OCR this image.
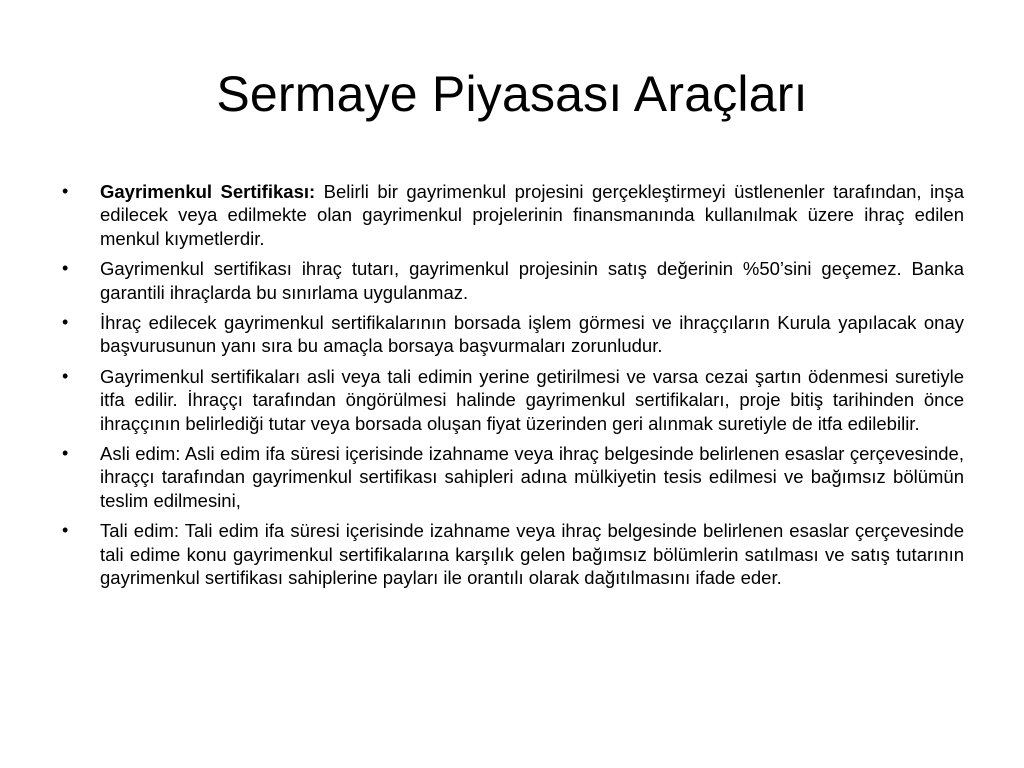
Sermaye Piyasası Araçları
•	Gayrimenkul Sertifikası: Belirli bir gayrimenkul projesini gerçekleştirmeyi üstlenenler tarafından, inşa edilecek veya edilmekte olan gayrimenkul projelerinin finansmanında kullanılmak üzere ihraç edilen menkul kıymetlerdir.
•	Gayrimenkul sertifikası ihraç tutarı, gayrimenkul projesinin satış değerinin %50’sini geçemez. Banka garantili ihraçlarda bu sınırlama uygulanmaz.
•	İhraç edilecek gayrimenkul sertifikalarının borsada işlem görmesi ve ihraççıların Kurula yapılacak onay başvurusunun yanı sıra bu amaçla borsaya başvurmaları zorunludur.
•	Gayrimenkul sertifikaları asli veya tali edimin yerine getirilmesi ve varsa cezai şartın ödenmesi suretiyle itfa edilir. İhraççı tarafından öngörülmesi halinde gayrimenkul sertifikaları, proje bitiş tarihinden önce ihraççının belirlediği tutar veya borsada oluşan fiyat üzerinden geri alınmak suretiyle de itfa edilebilir.
•	Asli edim: Asli edim ifa süresi içerisinde izahname veya ihraç belgesinde belirlenen esaslar çerçevesinde, ihraççı tarafından gayrimenkul sertifikası sahipleri adına mülkiyetin tesis edilmesi ve bağımsız bölümün teslim edilmesini,
•	Tali edim: Tali edim ifa süresi içerisinde izahname veya ihraç belgesinde belirlenen esaslar çerçevesinde tali edime konu gayrimenkul sertifikalarına karşılık gelen bağımsız bölümlerin satılması ve satış tutarının gayrimenkul sertifikası sahiplerine payları ile orantılı olarak dağıtılmasını ifade eder.
